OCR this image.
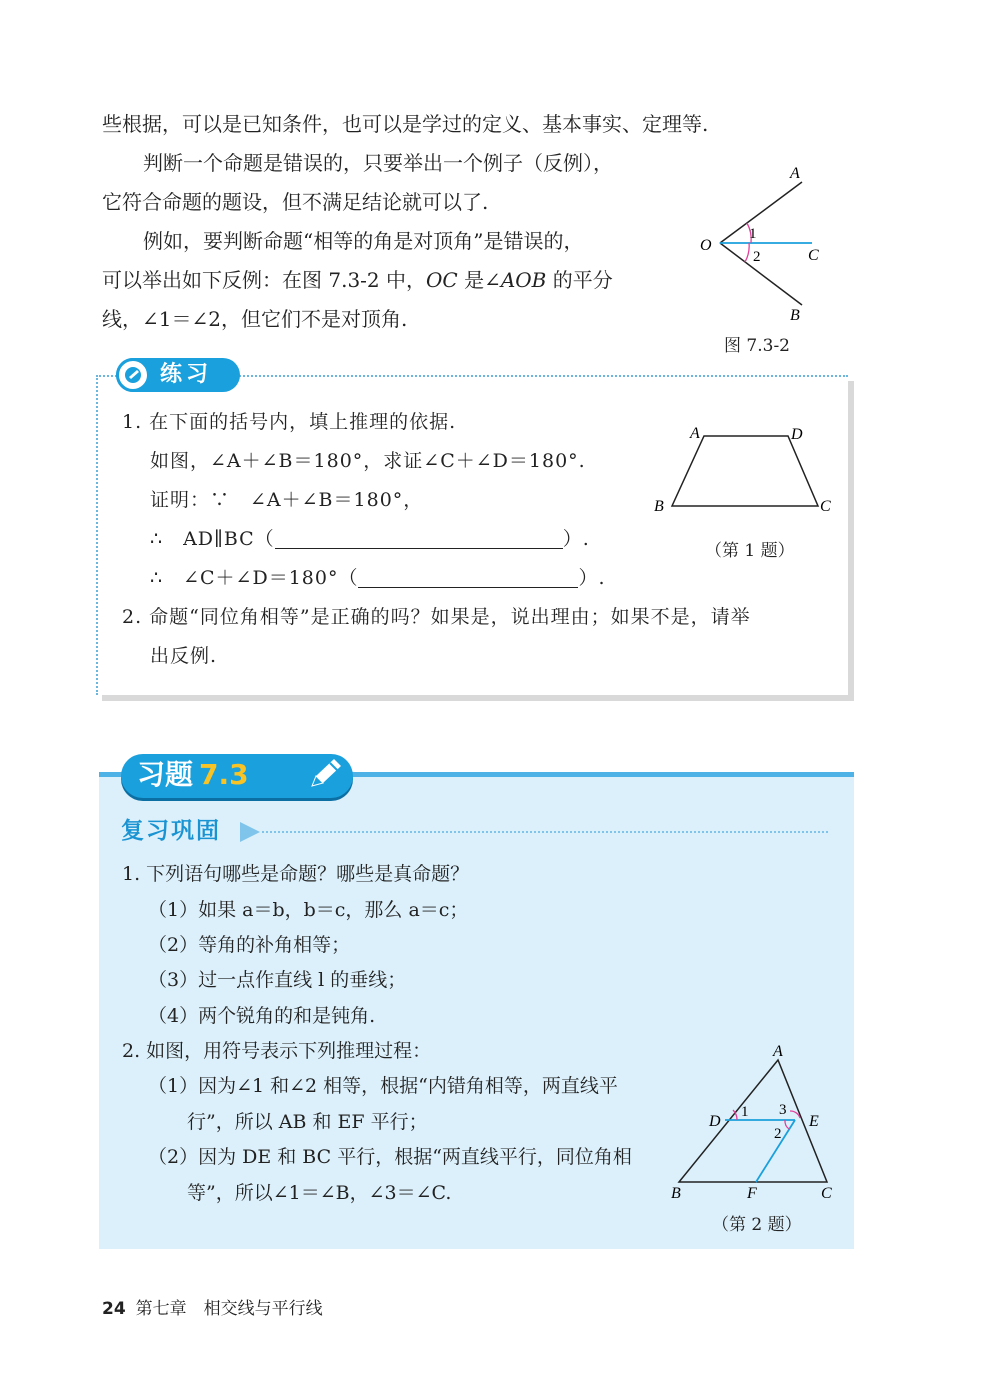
些根据，可以是已知条件，也可以是学过的定义、基本事实、定理等.
判断一个命题是错误的，只要举出一个例子（反例），
它符合命题的题设，但不满足结论就可以了.
例如，要判断命题“相等的角是对顶角”是错误的，
可以举出如下反例：在图 7.3-2 中，OC 是∠AOB 的平分
线，∠1＝∠2，但它们不是对顶角.
A
O
C
B
1
2
图 7.3-2
练习
1. 在下面的括号内，填上推理的依据.
如图，∠A＋∠B＝180°，求证∠C＋∠D＝180°.
证明：∵　∠A＋∠B＝180°，
∴　AD∥BC（	）.
∴　∠C＋∠D＝180°（	）.
2. 命题“同位角相等”是正确的吗？如果是，说出理由；如果不是，请举
出反例.
A	D
B	C
（第 1 题）
习题 7.3
复习巩固
1. 下列语句哪些是命题？哪些是真命题？
（1）如果 a＝b，b＝c，那么 a＝c；
（2）等角的补角相等；
（3）过一点作直线 l 的垂线；
（4）两个锐角的和是钝角.
2. 如图，用符号表示下列推理过程：
（1）因为∠1 和∠2 相等，根据“内错角相等，两直线平
行”，所以 AB 和 EF 平行；
（2）因为 DE 和 BC 平行，根据“两直线平行，同位角相
等”，所以∠1＝∠B，∠3＝∠C.
A
D	E
B	F	C
1
2
3
（第 2 题）
24 第七章　相交线与平行线
